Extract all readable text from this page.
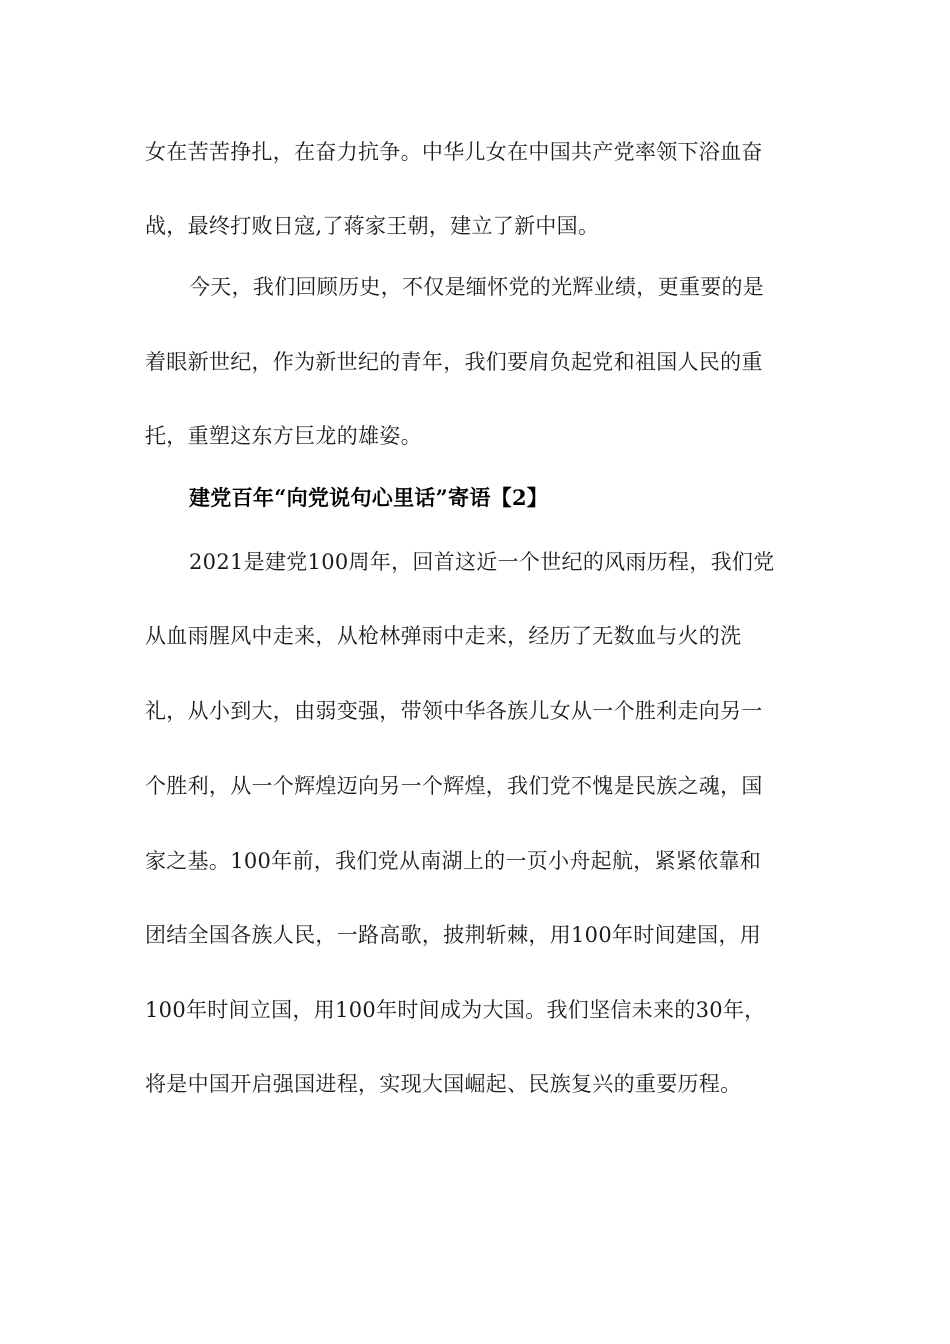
女在苦苦挣扎，在奋力抗争。中华儿女在中国共产党率领下浴血奋
战，最终打败日寇,了蒋家王朝，建立了新中国。
今天，我们回顾历史，不仅是缅怀党的光辉业绩，更重要的是
着眼新世纪，作为新世纪的青年，我们要肩负起党和祖国人民的重
托，重塑这东方巨龙的雄姿。
建党百年“向党说句心里话”寄语【2】
2021是建党100周年，回首这近一个世纪的风雨历程，我们党
从血雨腥风中走来，从枪林弹雨中走来，经历了无数血与火的洗
礼，从小到大，由弱变强，带领中华各族儿女从一个胜利走向另一
个胜利，从一个辉煌迈向另一个辉煌，我们党不愧是民族之魂，国
家之基。100年前，我们党从南湖上的一页小舟起航，紧紧依靠和
团结全国各族人民，一路高歌，披荆斩棘，用100年时间建国，用
100年时间立国，用100年时间成为大国。我们坚信未来的30年，
将是中国开启强国进程，实现大国崛起、民族复兴的重要历程。
